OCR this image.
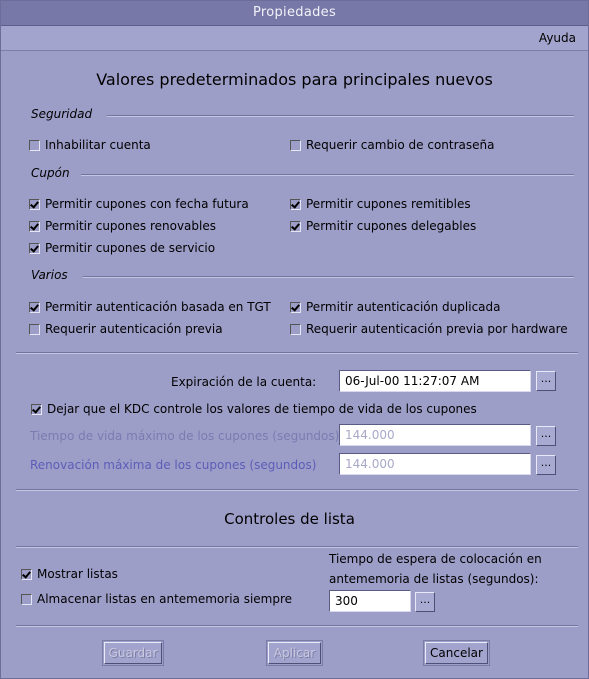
Propiedades
Ayuda
Valores predeterminados para principales nuevos
Seguridad
Inhabilitar cuenta	Requerir cambio de contraseña
Cupón
Permitir cupones con fecha futura	Permitir cupones remitibles
Permitir cupones renovables	Permitir cupones delegables
Permitir cupones de servicio
Varios
Permitir autenticación basada en TGT	Permitir autenticación duplicada
Requerir autenticación previa	Requerir autenticación previa por hardware
Expiración de la cuenta:	06-Jul-00 11:27:07 AM	...
Dejar que el KDC controle los valores de tiempo de vida de los cupones
Tiempo de vida máximo de los cupones (segundos) 144.000	...
Renovación máxima de los cupones (segundos)	144.000	...
Controles de lista
Mostrar listas
Almacenar listas en antememoria siempre
Tiempo de espera de colocación en
antememoria de listas (segundos):
300	...
Guardar	Aplicar	Cancelar
